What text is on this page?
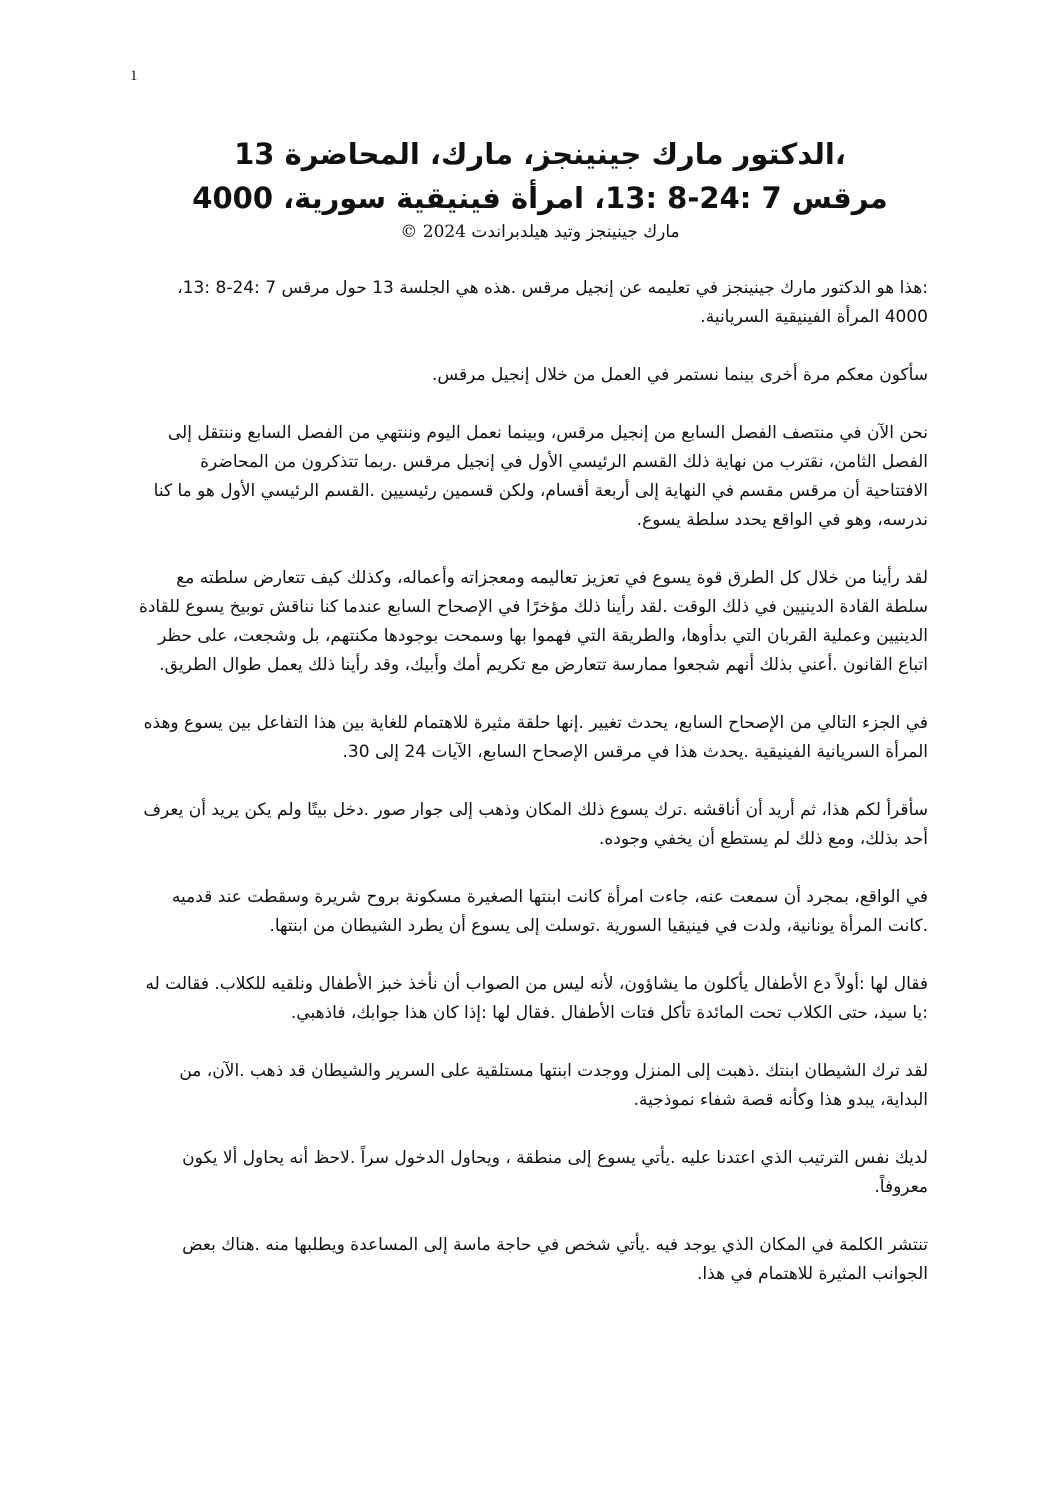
1
،الدكتور مارك جينينجز، مارك، المحاضرة 13
مرقس 7 :24-8 :13، امرأة فينيقية سورية، 4000
مارك جينينجز وتيد هيلدبراندت 2024 ©

:هذا هو الدكتور مارك جينينجز في تعليمه عن إنجيل مرقس .هذه هي الجلسة 13 حول مرقس 7 :24-8 :13، 4000 المرأة الفينيقية السريانية.

سأكون معكم مرة أخرى بينما نستمر في العمل من خلال إنجيل مرقس.

نحن الآن في منتصف الفصل السابع من إنجيل مرقس، وبينما نعمل اليوم وننتهي من الفصل السابع وننتقل إلى الفصل الثامن، نقترب من نهاية ذلك القسم الرئيسي الأول في إنجيل مرقس .ربما تتذكرون من المحاضرة الافتتاحية أن مرقس مقسم في النهاية إلى أربعة أقسام، ولكن قسمين رئيسيين .القسم الرئيسي الأول هو ما كنا ندرسه، وهو في الواقع يحدد سلطة يسوع.

لقد رأينا من خلال كل الطرق قوة يسوع في تعزيز تعاليمه ومعجزاته وأعماله، وكذلك كيف تتعارض سلطته مع سلطة القادة الدينيين في ذلك الوقت .لقد رأينا ذلك مؤخرًا في الإصحاح السابع عندما كنا نناقش توبيخ يسوع للقادة الدينيين وعملية القربان التي بدأوها، والطريقة التي فهموا بها وسمحت بوجودها مكنتهم، بل وشجعت، على حظر اتباع القانون .أعني بذلك أنهم شجعوا ممارسة تتعارض مع تكريم أمك وأبيك، وقد رأينا ذلك يعمل طوال الطريق.

في الجزء التالي من الإصحاح السابع، يحدث تغيير .إنها حلقة مثيرة للاهتمام للغاية بين هذا التفاعل بين يسوع وهذه المرأة السريانية الفينيقية .يحدث هذا في مرقس الإصحاح السابع، الآيات 24 إلى 30.

سأقرأ لكم هذا، ثم أريد أن أناقشه .ترك يسوع ذلك المكان وذهب إلى جوار صور .دخل بيتًا ولم يكن يريد أن يعرف أحد بذلك، ومع ذلك لم يستطع أن يخفي وجوده.

في الواقع، بمجرد أن سمعت عنه، جاءت امرأة كانت ابنتها الصغيرة مسكونة بروح شريرة وسقطت عند قدميه .كانت المرأة يونانية، ولدت في فينيقيا السورية .توسلت إلى يسوع أن يطرد الشيطان من ابنتها.

فقال لها :أولاً دع الأطفال يأكلون ما يشاؤون، لأنه ليس من الصواب أن نأخذ خبز الأطفال ونلقيه للكلاب. فقالت له :يا سيد، حتى الكلاب تحت المائدة تأكل فتات الأطفال .فقال لها :إذا كان هذا جوابك، فاذهبي.

لقد ترك الشيطان ابنتك .ذهبت إلى المنزل ووجدت ابنتها مستلقية على السرير والشيطان قد ذهب .الآن، من البداية، يبدو هذا وكأنه قصة شفاء نموذجية.

لديك نفس الترتيب الذي اعتدنا عليه .يأتي يسوع إلى منطقة ، ويحاول الدخول سراً .لاحظ أنه يحاول ألا يكون معروفاً.

تنتشر الكلمة في المكان الذي يوجد فيه .يأتي شخص في حاجة ماسة إلى المساعدة ويطلبها منه .هناك بعض الجوانب المثيرة للاهتمام في هذا.
